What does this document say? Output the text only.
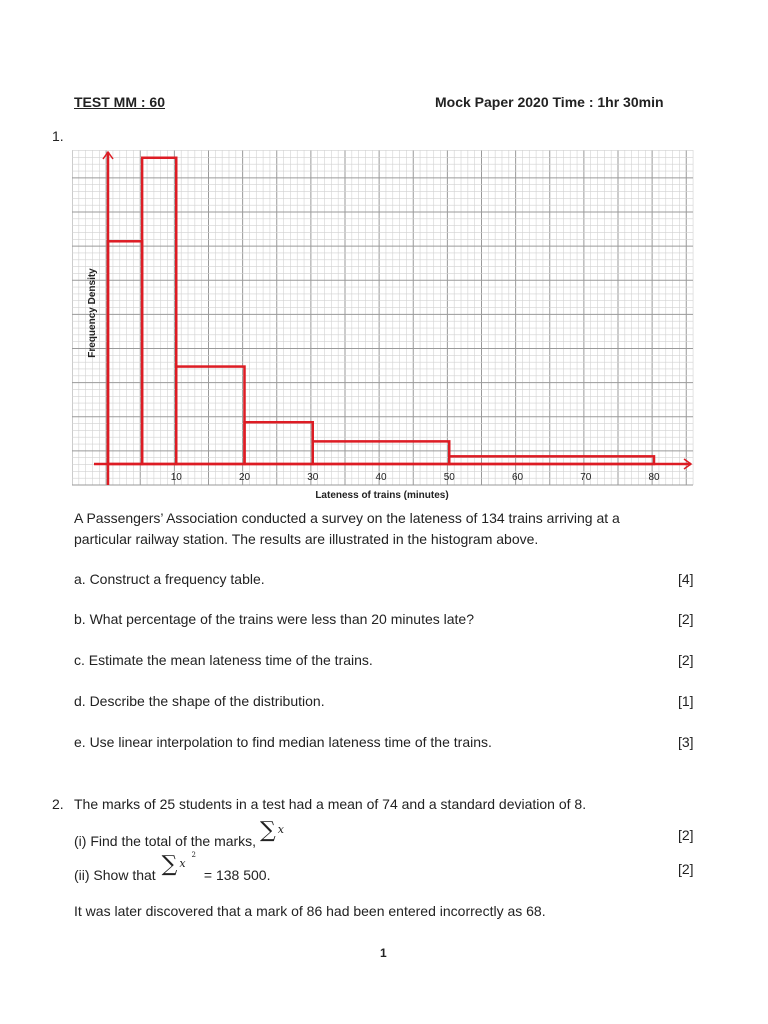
TEST MM : 60	Mock Paper 2020 Time : 1hr 30min
1.
10	20	30	40	50	60	70	80
Lateness of trains (minutes)
Frequency Density
A Passengers’ Association conducted a survey on the lateness of 134 trains arriving at a
particular railway station. The results are illustrated in the histogram above.
a. Construct a frequency table.	[4]
b. What percentage of the trains were less than 20 minutes late?	[2]
c. Estimate the mean lateness time of the trains.	[2]
d. Describe the shape of the distribution.	[1]
e. Use linear interpolation to find median lateness time of the trains.	[3]
2. The marks of 25 students in a test had a mean of 74 and a standard deviation of 8.
(i) Find the total of the marks, ∑ $^x$	[2]
(ii) Show that ∑ $^{x2}$ = 138 500.	[2]
It was later discovered that a mark of 86 had been entered incorrectly as 68.
1
